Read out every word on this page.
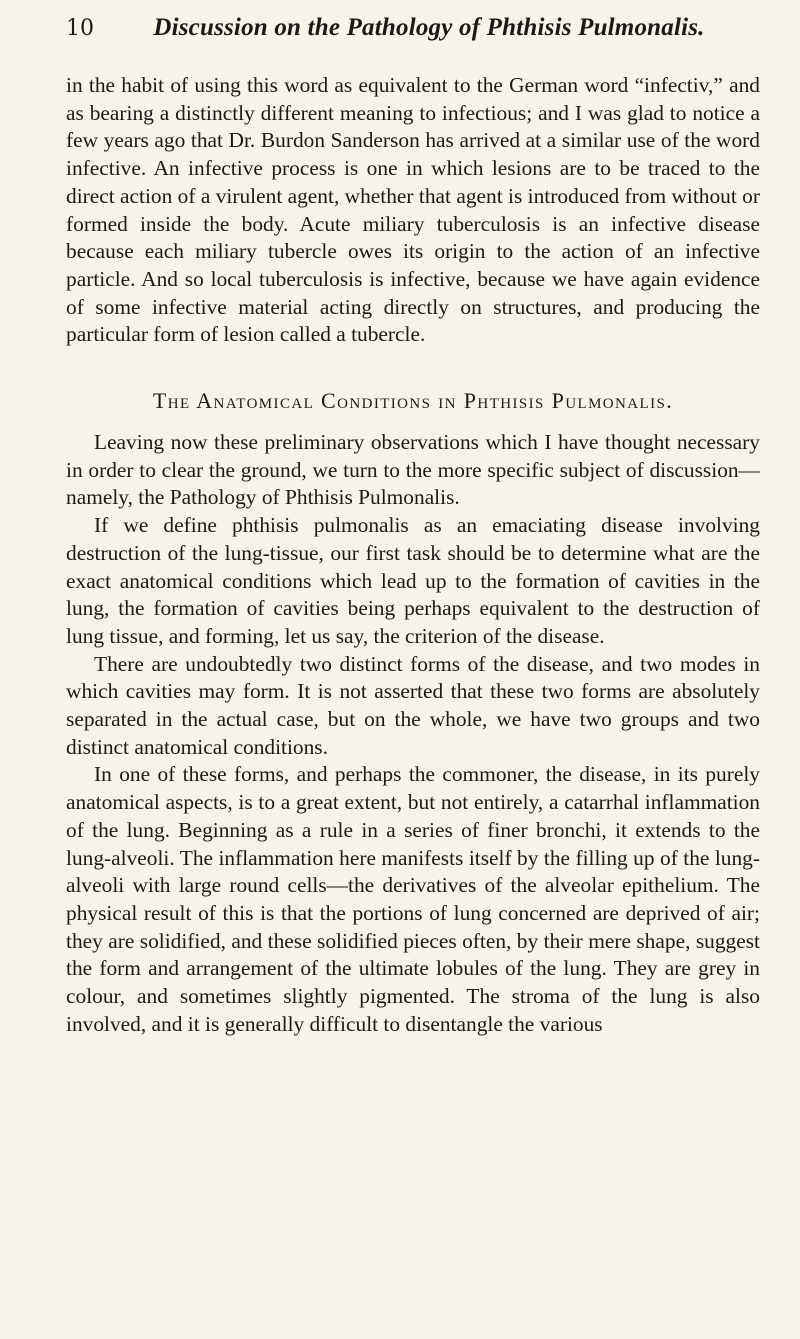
10	Discussion on the Pathology of Phthisis Pulmonalis.

in the habit of using this word as equivalent to the German word “infectiv,” and as bearing a distinctly different meaning to infectious; and I was glad to notice a few years ago that Dr. Burdon Sanderson has arrived at a similar use of the word infective. An infective process is one in which lesions are to be traced to the direct action of a virulent agent, whether that agent is introduced from without or formed inside the body. Acute miliary tuberculosis is an infective disease because each miliary tubercle owes its origin to the action of an infective particle. And so local tuberculosis is infective, because we have again evidence of some infective material acting directly on structures, and producing the particular form of lesion called a tubercle.

The Anatomical Conditions in Phthisis Pulmonalis.

Leaving now these preliminary observations which I have thought necessary in order to clear the ground, we turn to the more specific subject of discussion—namely, the Pathology of Phthisis Pulmonalis.

If we define phthisis pulmonalis as an emaciating disease involving destruction of the lung-tissue, our first task should be to determine what are the exact anatomical conditions which lead up to the formation of cavities in the lung, the formation of cavities being perhaps equivalent to the destruction of lung tissue, and forming, let us say, the criterion of the disease.

There are undoubtedly two distinct forms of the disease, and two modes in which cavities may form. It is not asserted that these two forms are absolutely separated in the actual case, but on the whole, we have two groups and two distinct anatomical conditions.

In one of these forms, and perhaps the commoner, the disease, in its purely anatomical aspects, is to a great extent, but not entirely, a catarrhal inflammation of the lung. Beginning as a rule in a series of finer bronchi, it extends to the lung-alveoli. The inflammation here manifests itself by the filling up of the lung-alveoli with large round cells—the derivatives of the alveolar epithelium. The physical result of this is that the portions of lung concerned are deprived of air; they are solidified, and these solidified pieces often, by their mere shape, suggest the form and arrangement of the ultimate lobules of the lung. They are grey in colour, and sometimes slightly pigmented. The stroma of the lung is also involved, and it is generally difficult to disentangle the various
